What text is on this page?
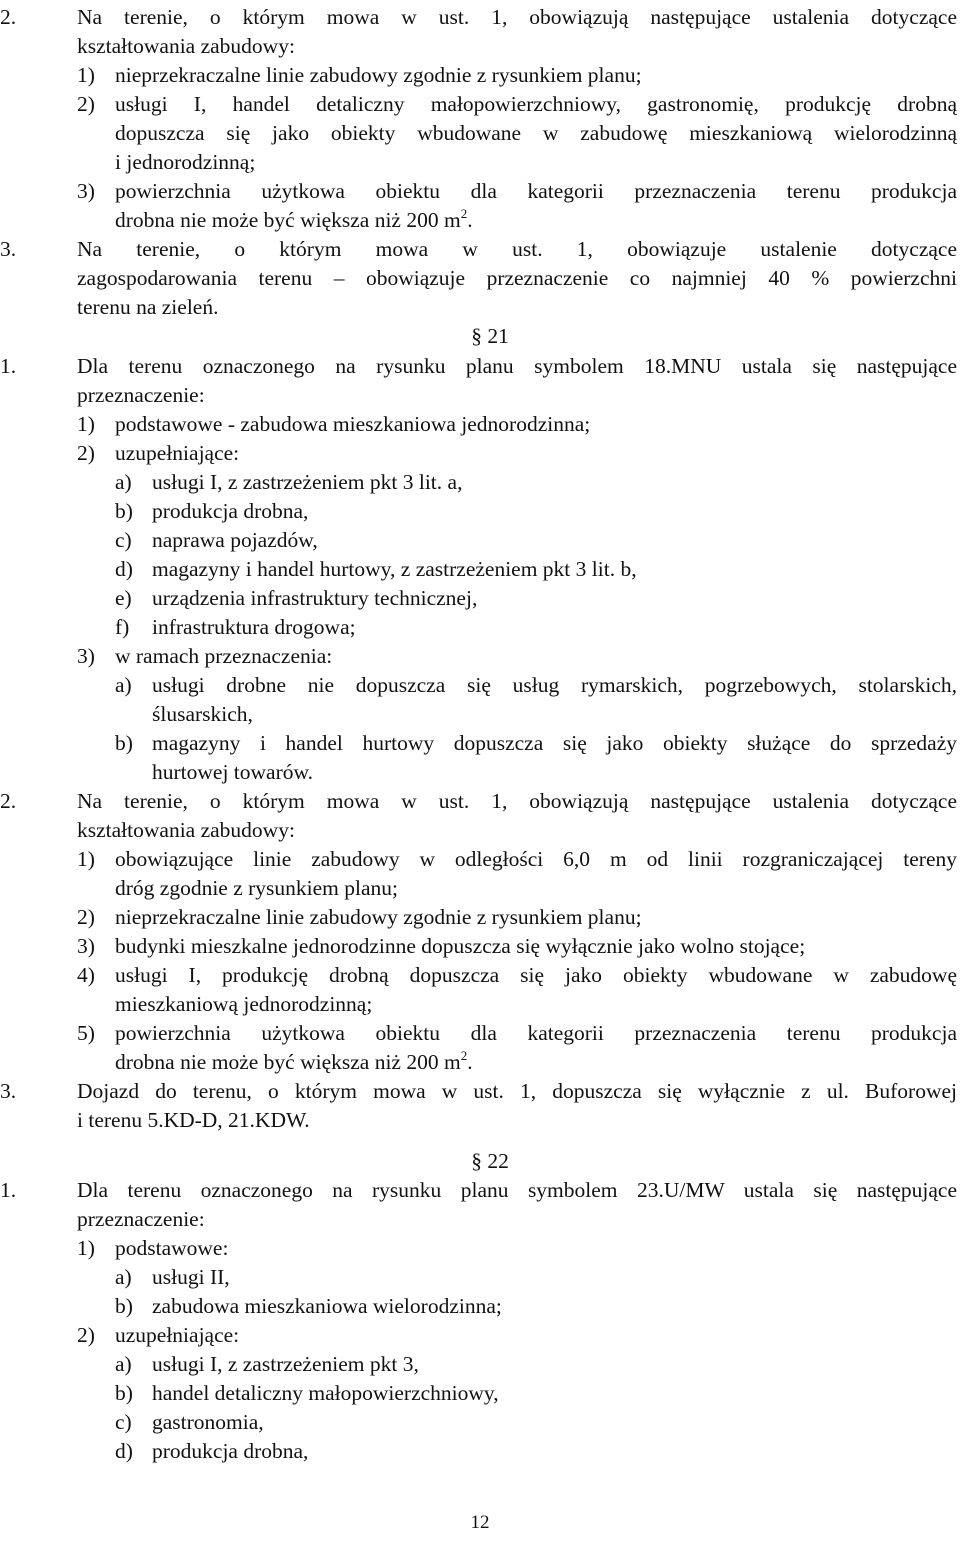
2.	Na terenie, o którym mowa w ust. 1, obowiązują następujące ustalenia dotyczące
kształtowania zabudowy:
1) nieprzekraczalne linie zabudowy zgodnie z rysunkiem planu;
2) usługi I, handel detaliczny małopowierzchniowy, gastronomię, produkcję drobną
dopuszcza się jako obiekty wbudowane w zabudowę mieszkaniową wielorodzinną
i jednorodzinną;
3) powierzchnia użytkowa obiektu dla kategorii przeznaczenia terenu produkcja
drobna nie może być większa niż 200 $m^2$.
3.	Na terenie, o którym mowa w ust. 1, obowiązuje ustalenie dotyczące
zagospodarowania terenu – obowiązuje przeznaczenie co najmniej 40 % powierzchni
terenu na zieleń.
1.	Dla terenu oznaczonego na rysunku planu symbolem 18.MNU ustala się następujące
przeznaczenie:
1) podstawowe - zabudowa mieszkaniowa jednorodzinna;
2) uzupełniające:
a) usługi I, z zastrzeżeniem pkt 3 lit. a,
b) produkcja drobna,
c) naprawa pojazdów,
d) magazyny i handel hurtowy, z zastrzeżeniem pkt 3 lit. b,
e) urządzenia infrastruktury technicznej,
f) infrastruktura drogowa;
3) w ramach przeznaczenia:
a) usługi drobne nie dopuszcza się usług rymarskich, pogrzebowych, stolarskich,
ślusarskich,
b) magazyny i handel hurtowy dopuszcza się jako obiekty służące do sprzedaży
hurtowej towarów.
2.	Na terenie, o którym mowa w ust. 1, obowiązują następujące ustalenia dotyczące
kształtowania zabudowy:
1) obowiązujące linie zabudowy w odległości 6,0 m od linii rozgraniczającej tereny
dróg zgodnie z rysunkiem planu;
2) nieprzekraczalne linie zabudowy zgodnie z rysunkiem planu;
3) budynki mieszkalne jednorodzinne dopuszcza się wyłącznie jako wolno stojące;
4) usługi I, produkcję drobną dopuszcza się jako obiekty wbudowane w zabudowę
mieszkaniową jednorodzinną;
5) powierzchnia użytkowa obiektu dla kategorii przeznaczenia terenu produkcja
drobna nie może być większa niż 200 $m^2$.
3.	Dojazd do terenu, o którym mowa w ust. 1, dopuszcza się wyłącznie z ul. Buforowej
i terenu 5.KD-D, 21.KDW.
1.	Dla terenu oznaczonego na rysunku planu symbolem 23.U/MW ustala się następujące
przeznaczenie:
1) podstawowe:
a) usługi II,
b) zabudowa mieszkaniowa wielorodzinna;
2) uzupełniające:
a) usługi I, z zastrzeżeniem pkt 3,
b) handel detaliczny małopowierzchniowy,
c) gastronomia,
d) produkcja drobna,
§ 21
§ 22
12
